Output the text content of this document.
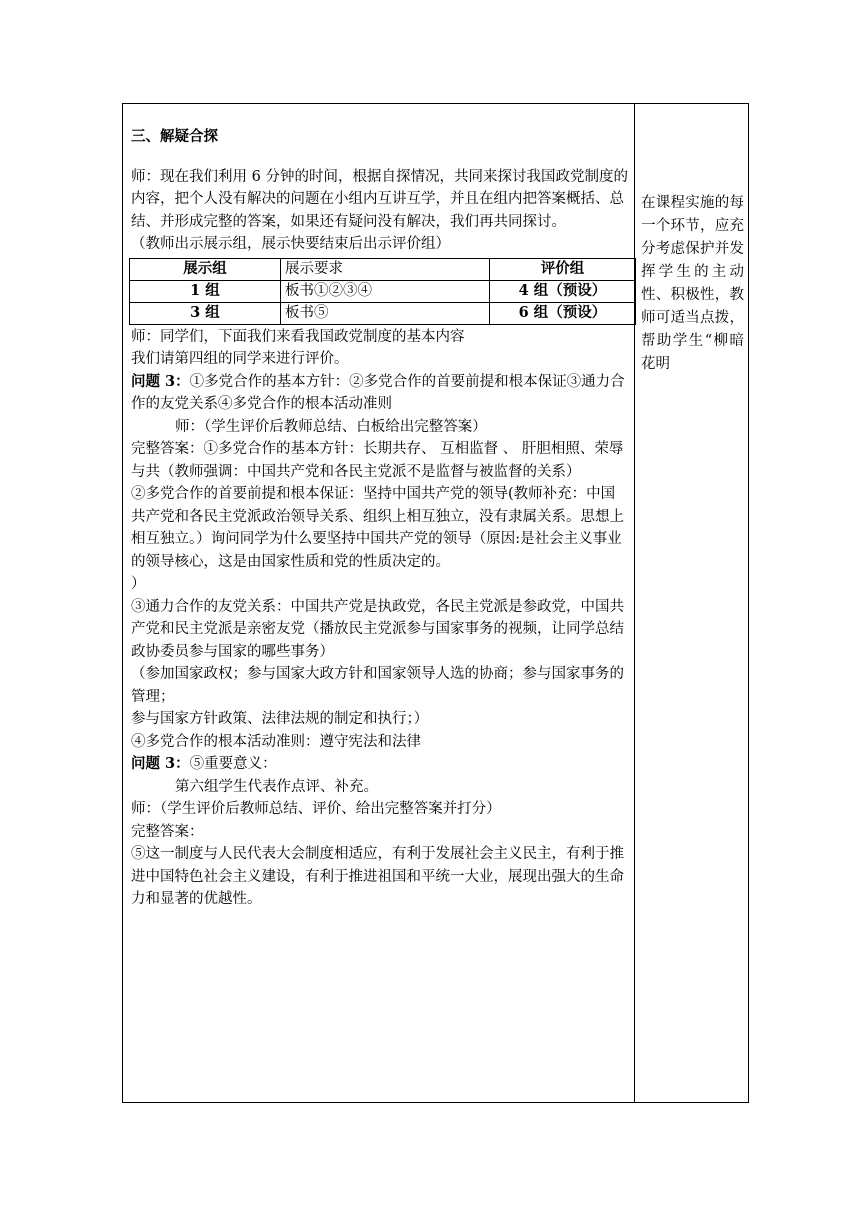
三、解疑合探

师：现在我们利用 6 分钟的时间，根据自探情况，共同来探讨我国政党制度的内容，把个人没有解决的问题在小组内互讲互学，并且在组内把答案概括、总结、并形成完整的答案，如果还有疑问没有解决，我们再共同探讨。

（教师出示展示组，展示快要结束后出示评价组）

展示组	展示要求	评价组
1 组	板书①②③④	4 组（预设）
3 组	板书⑤	6 组（预设）

师：同学们，下面我们来看我国政党制度的基本内容

我们请第四组的同学来进行评价。

问题 3：①多党合作的基本方针：②多党合作的首要前提和根本保证③通力合作的友党关系④多党合作的根本活动准则

师：（学生评价后教师总结、白板给出完整答案）

完整答案：①多党合作的基本方针：长期共存、 互相监督 、 肝胆相照、荣辱与共（教师强调：中国共产党和各民主党派不是监督与被监督的关系）

②多党合作的首要前提和根本保证：坚持中国共产党的领导(教师补充：中国共产党和各民主党派政治领导关系、组织上相互独立，没有隶属关系。思想上相互独立。）询问同学为什么要坚持中国共产党的领导（原因:是社会主义事业的领导核心，这是由国家性质和党的性质决定的。

）

③通力合作的友党关系：中国共产党是执政党，各民主党派是参政党，中国共产党和民主党派是亲密友党（播放民主党派参与国家事务的视频，让同学总结政协委员参与国家的哪些事务）

（参加国家政权；参与国家大政方针和国家领导人选的协商；参与国家事务的管理；

参与国家方针政策、法律法规的制定和执行；）

④多党合作的根本活动准则：遵守宪法和法律

问题 3：⑤重要意义：

第六组学生代表作点评、补充。

师：（学生评价后教师总结、评价、给出完整答案并打分）

完整答案：

⑤这一制度与人民代表大会制度相适应，有利于发展社会主义民主，有利于推进中国特色社会主义建设，有利于推进祖国和平统一大业，展现出强大的生命力和显著的优越性。

在课程实施的每一个环节，应充分考虑保护并发挥学生的主动性、积极性，教师可适当点拨，帮助学生“柳暗花明
